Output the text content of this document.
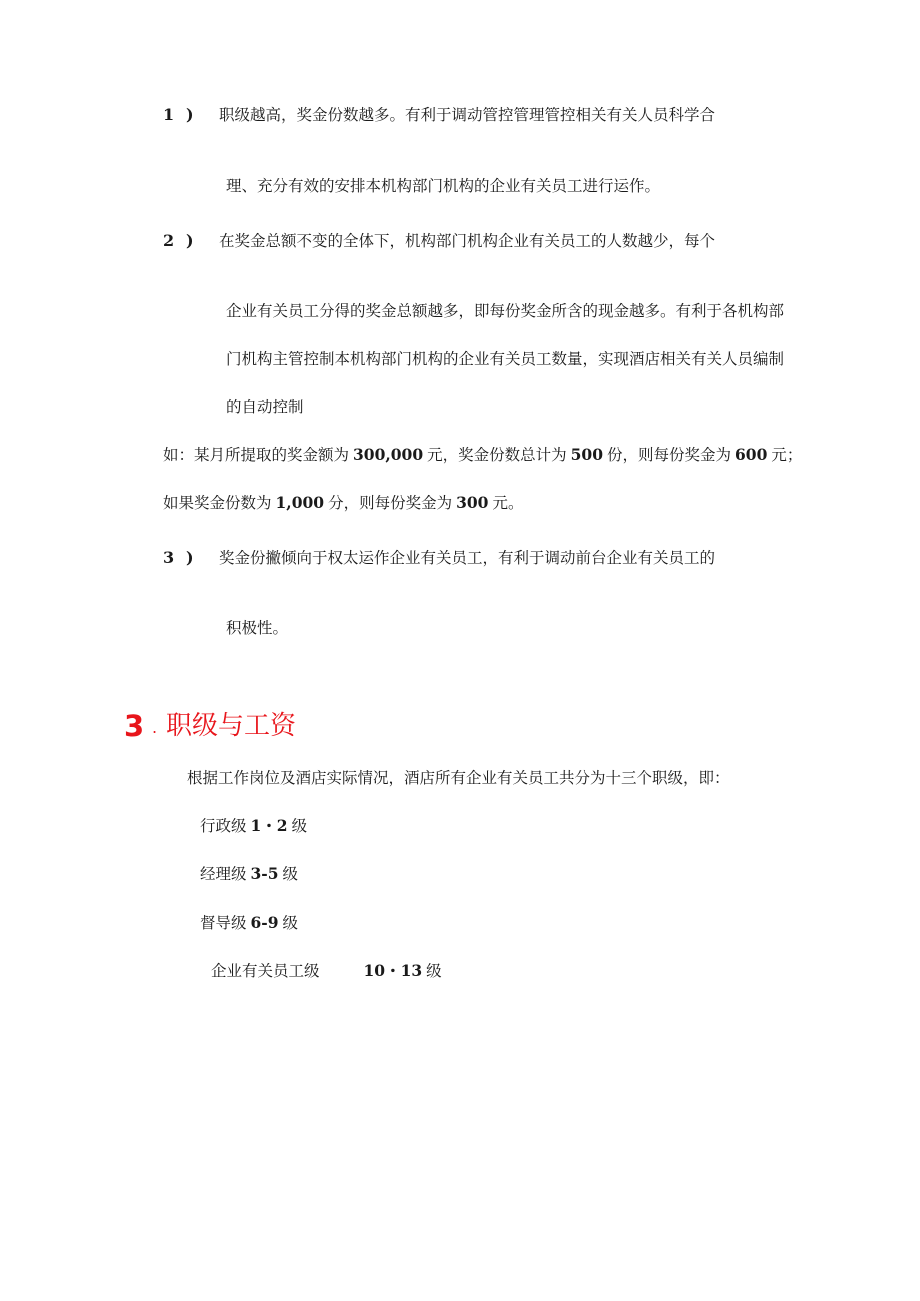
1 ) 职级越高，奖金份数越多。有利于调动管控管理管控相关有关人员科学合
理、充分有效的安排本机构部门机构的企业有关员工进行运作。
2 ) 在奖金总额不变的全体下，机构部门机构企业有关员工的人数越少，每个
企业有关员工分得的奖金总额越多，即每份奖金所含的现金越多。有利于各机构部
门机构主管控制本机构部门机构的企业有关员工数量，实现酒店相关有关人员编制
的自动控制
如：某月所提取的奖金额为 300,000 元，奖金份数总计为 500 份，则每份奖金为 600 元；
如果奖金份数为 1,000 分，则每份奖金为 300 元。
3 ) 奖金份撇倾向于权太运作企业有关员工，有利于调动前台企业有关员工的
积极性。
3 . 职级与工资
根据工作岗位及酒店实际情况，酒店所有企业有关员工共分为十三个职级，即：
行政级 1・2 级
经理级 3-5 级
督导级 6-9 级
企业有关员工级	10・13 级
